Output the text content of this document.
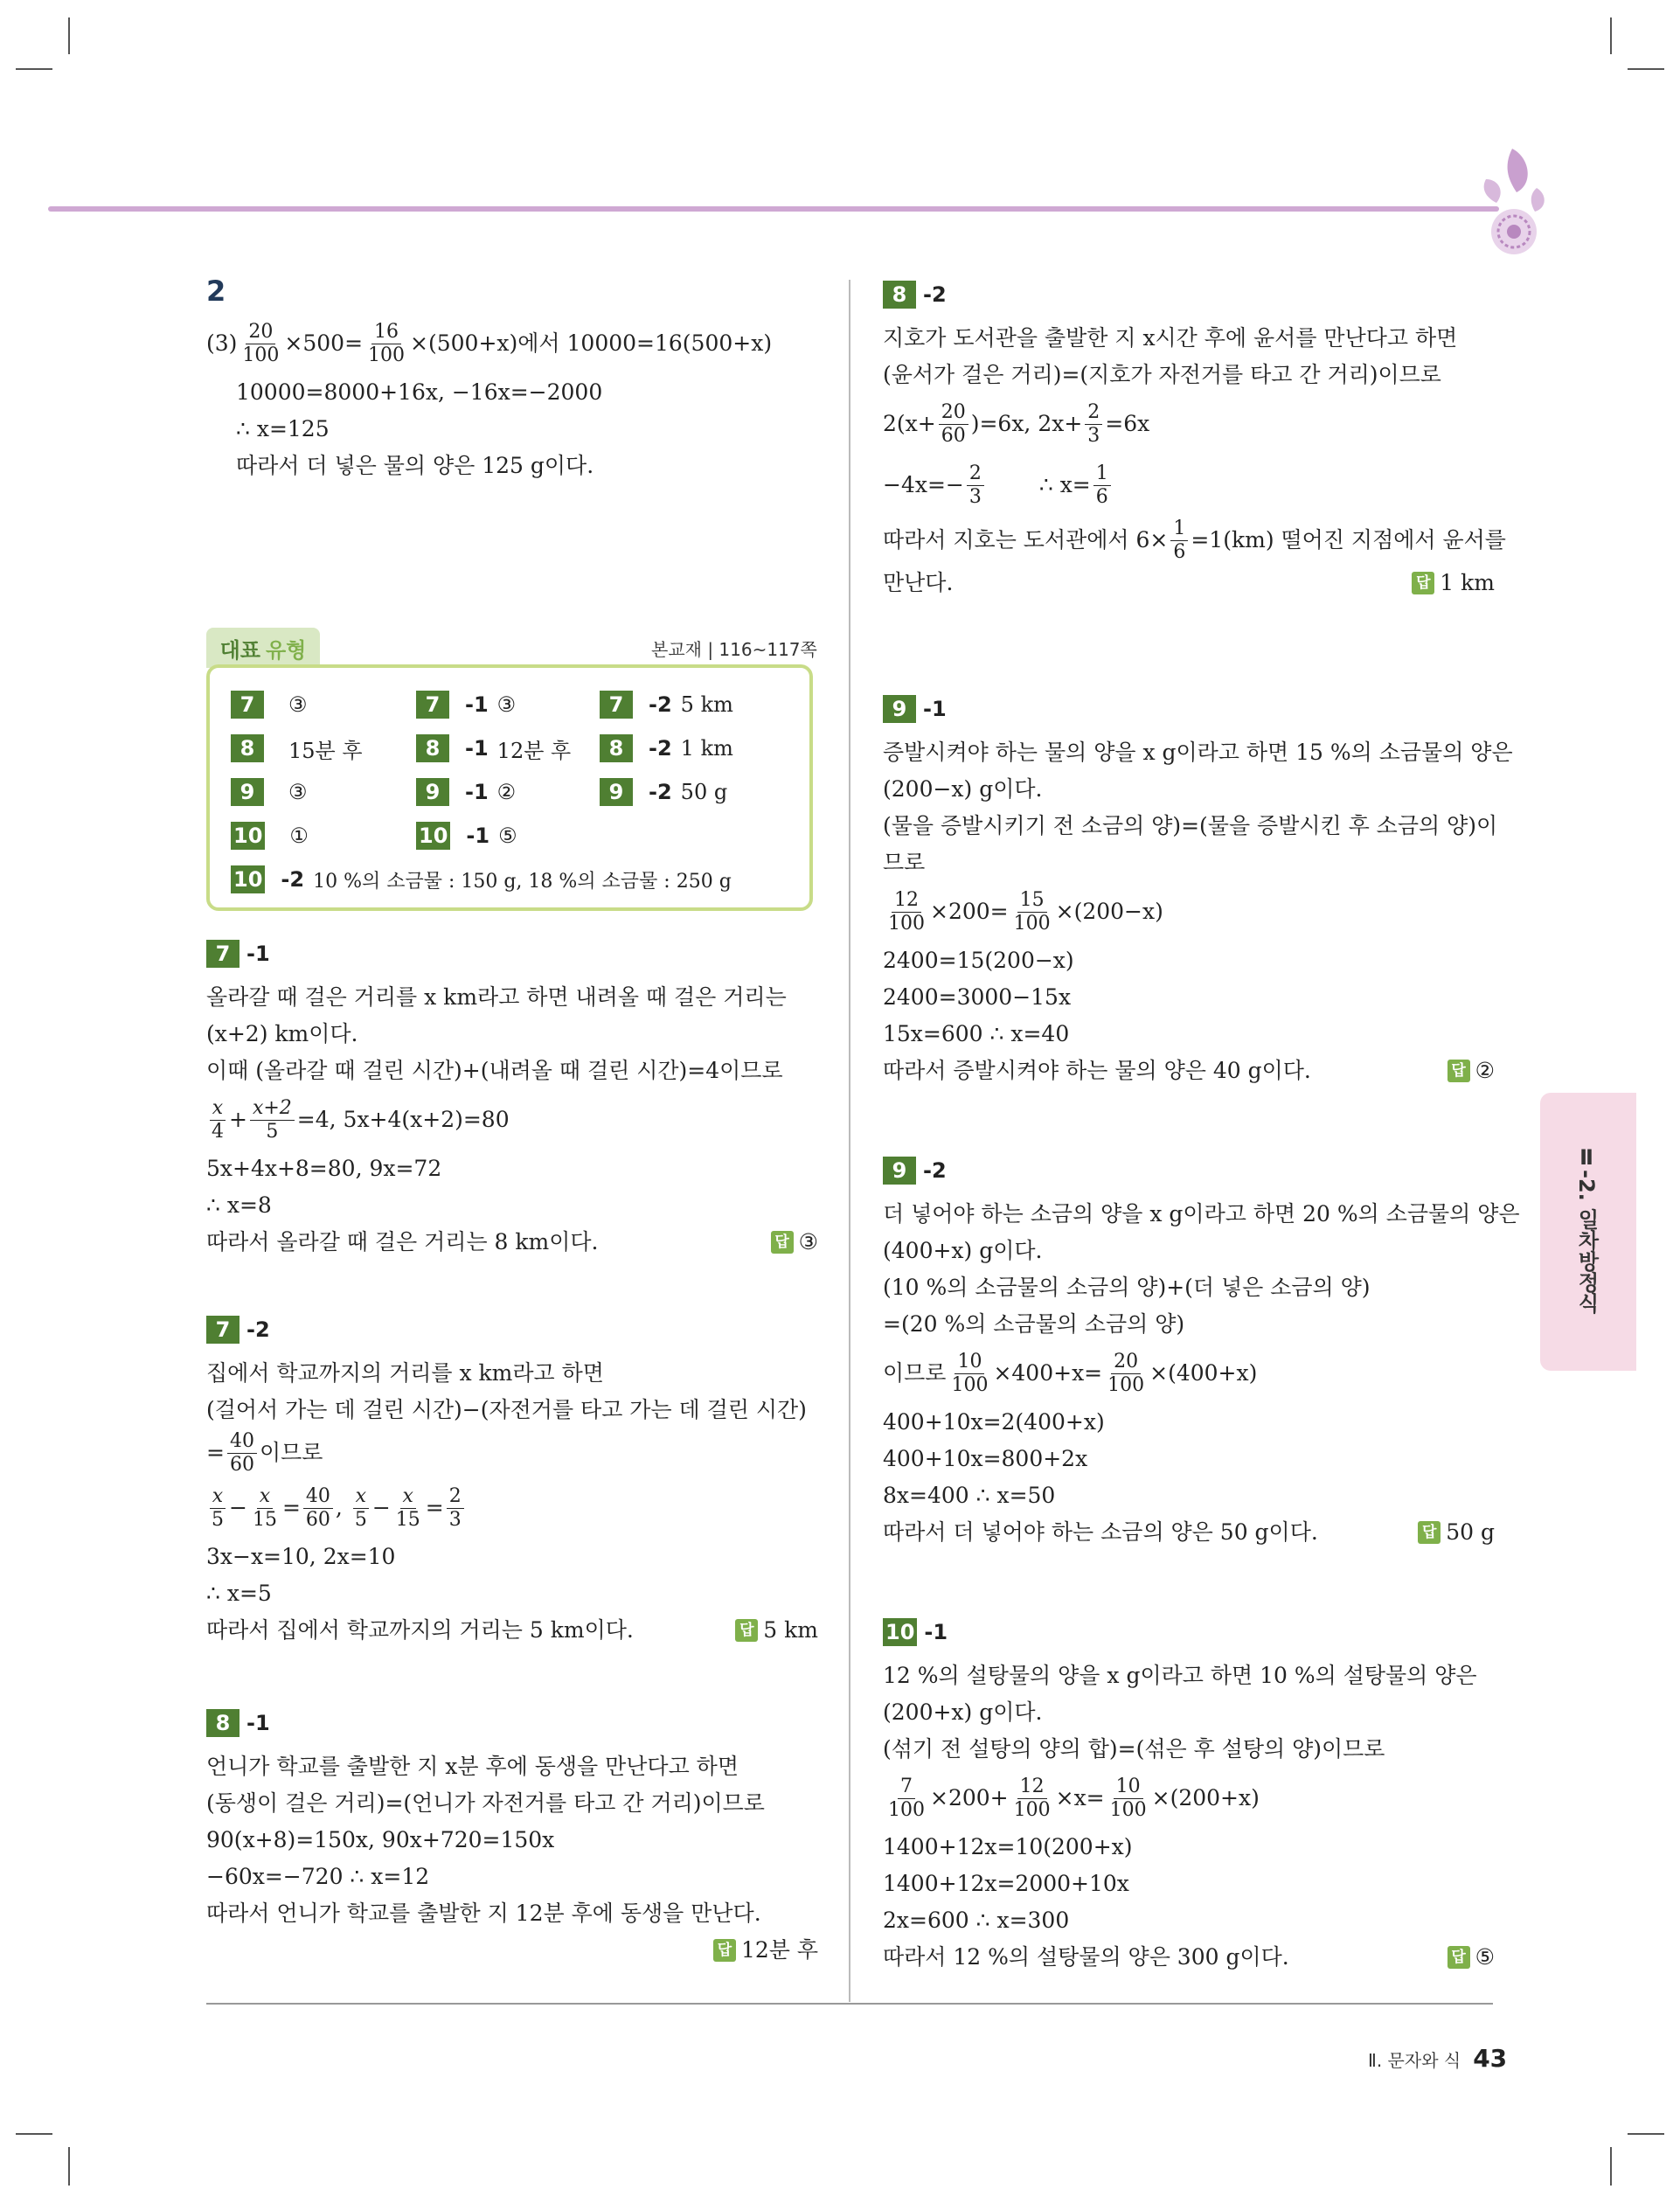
2
$(3) \frac{20}{100} \times 500= \frac{16}{100} \times(500+x)$에서 10000=16(500+x)
10000=8000+16x, −16x=−2000
∴ x=125
따라서 더 넣은 물의 양은 125 g이다.
대표 유형	본교재 | 116~117쪽
7	③	7	-1 ③	7	-2 5 km
8	15분 후	8	-1 12분 후	8	-2 1 km
9	③	9	-1 ②	9	-2 50 g
10 ①	10 -1 ⑤
10 -2 10 %의 소금물 : 150 g, 18 %의 소금물 : 250 g
7 -1
올라갈 때 걸은 거리를 x km라고 하면 내려올 때 걸은 거리는
(x+2) km이다.
이때 (올라갈 때 걸린 시간)+(내려올 때 걸린 시간)=4이므로
$\frac{x}{4} + \frac{x+2}{5} =4$, 5x+4(x+2)=80
5x+4x+8=80, 9x=72
∴ x=8
따라서 올라갈 때 걸은 거리는 8 km이다.	답 ③
7 -2
집에서 학교까지의 거리를 x km라고 하면
(걸어서 가는 데 걸린 시간)−(자전거를 타고 가는 데 걸린 시간)
= $\frac{40}{60}$ 이므로
$\frac{x}{5} - \frac{x}{15} = \frac{40}{60}$ , $\frac{x}{5} - \frac{x}{15} = \frac{2}{3}$
3x−x=10, 2x=10
∴ x=5
따라서 집에서 학교까지의 거리는 5 km이다.	답 5 km
8 -1
언니가 학교를 출발한 지 x분 후에 동생을 만난다고 하면
(동생이 걸은 거리)=(언니가 자전거를 타고 간 거리)이므로
90(x+8)=150x, 90x+720=150x
−60x=−720 ∴ x=12
따라서 언니가 학교를 출발한 지 12분 후에 동생을 만난다.
답 12분 후
8 -2
지호가 도서관을 출발한 지 x시간 후에 윤서를 만난다고 하면
(윤서가 걸은 거리)=(지호가 자전거를 타고 간 거리)이므로
$2(x+ \frac{20}{60} )=6x$, $2x+ \frac{2}{3} =6x$
$-4x=- \frac{2}{3}$	∴ $x= \frac{1}{6}$
따라서 지호는 도서관에서 $6\times \frac{1}{6} =1(km)$ 떨어진 지점에서 윤서를
만난다.	답 1 km
9 -1
증발시켜야 하는 물의 양을 x g이라고 하면 15 %의 소금물의 양은
(200−x) g이다.
(물을 증발시키기 전 소금의 양)=(물을 증발시킨 후 소금의 양)이
므로
$\frac{12}{100} \times 200= \frac{15}{100} \times(200-x)$
2400=15(200−x)
2400=3000−15x
15x=600 ∴ x=40
따라서 증발시켜야 하는 물의 양은 40 g이다.	답 ②
9 -2
더 넣어야 하는 소금의 양을 x g이라고 하면 20 %의 소금물의 양은
(400+x) g이다.
(10 %의 소금물의 소금의 양)+(더 넣은 소금의 양)
=(20 %의 소금물의 소금의 양)
이므로 $\frac{10}{100} \times 400+x= \frac{20}{100} \times(400+x)$
400+10x=2(400+x)
400+10x=800+2x
8x=400 ∴ x=50
따라서 더 넣어야 하는 소금의 양은 50 g이다.	답 50 g
10 -1
12 %의 설탕물의 양을 x g이라고 하면 10 %의 설탕물의 양은
(200+x) g이다.
(섞기 전 설탕의 양의 합)=(섞은 후 설탕의 양)이므로
$\frac{7}{100} \times 200+ \frac{12}{100} \times x= \frac{10}{100} \times(200+x)$
1400+12x=10(200+x)
1400+12x=2000+10x
2x=600 ∴ x=300
따라서 12 %의 설탕물의 양은 300 g이다.	답 ⑤
Ⅱ-2. 일차방정식
Ⅱ. 문자와 식 43
